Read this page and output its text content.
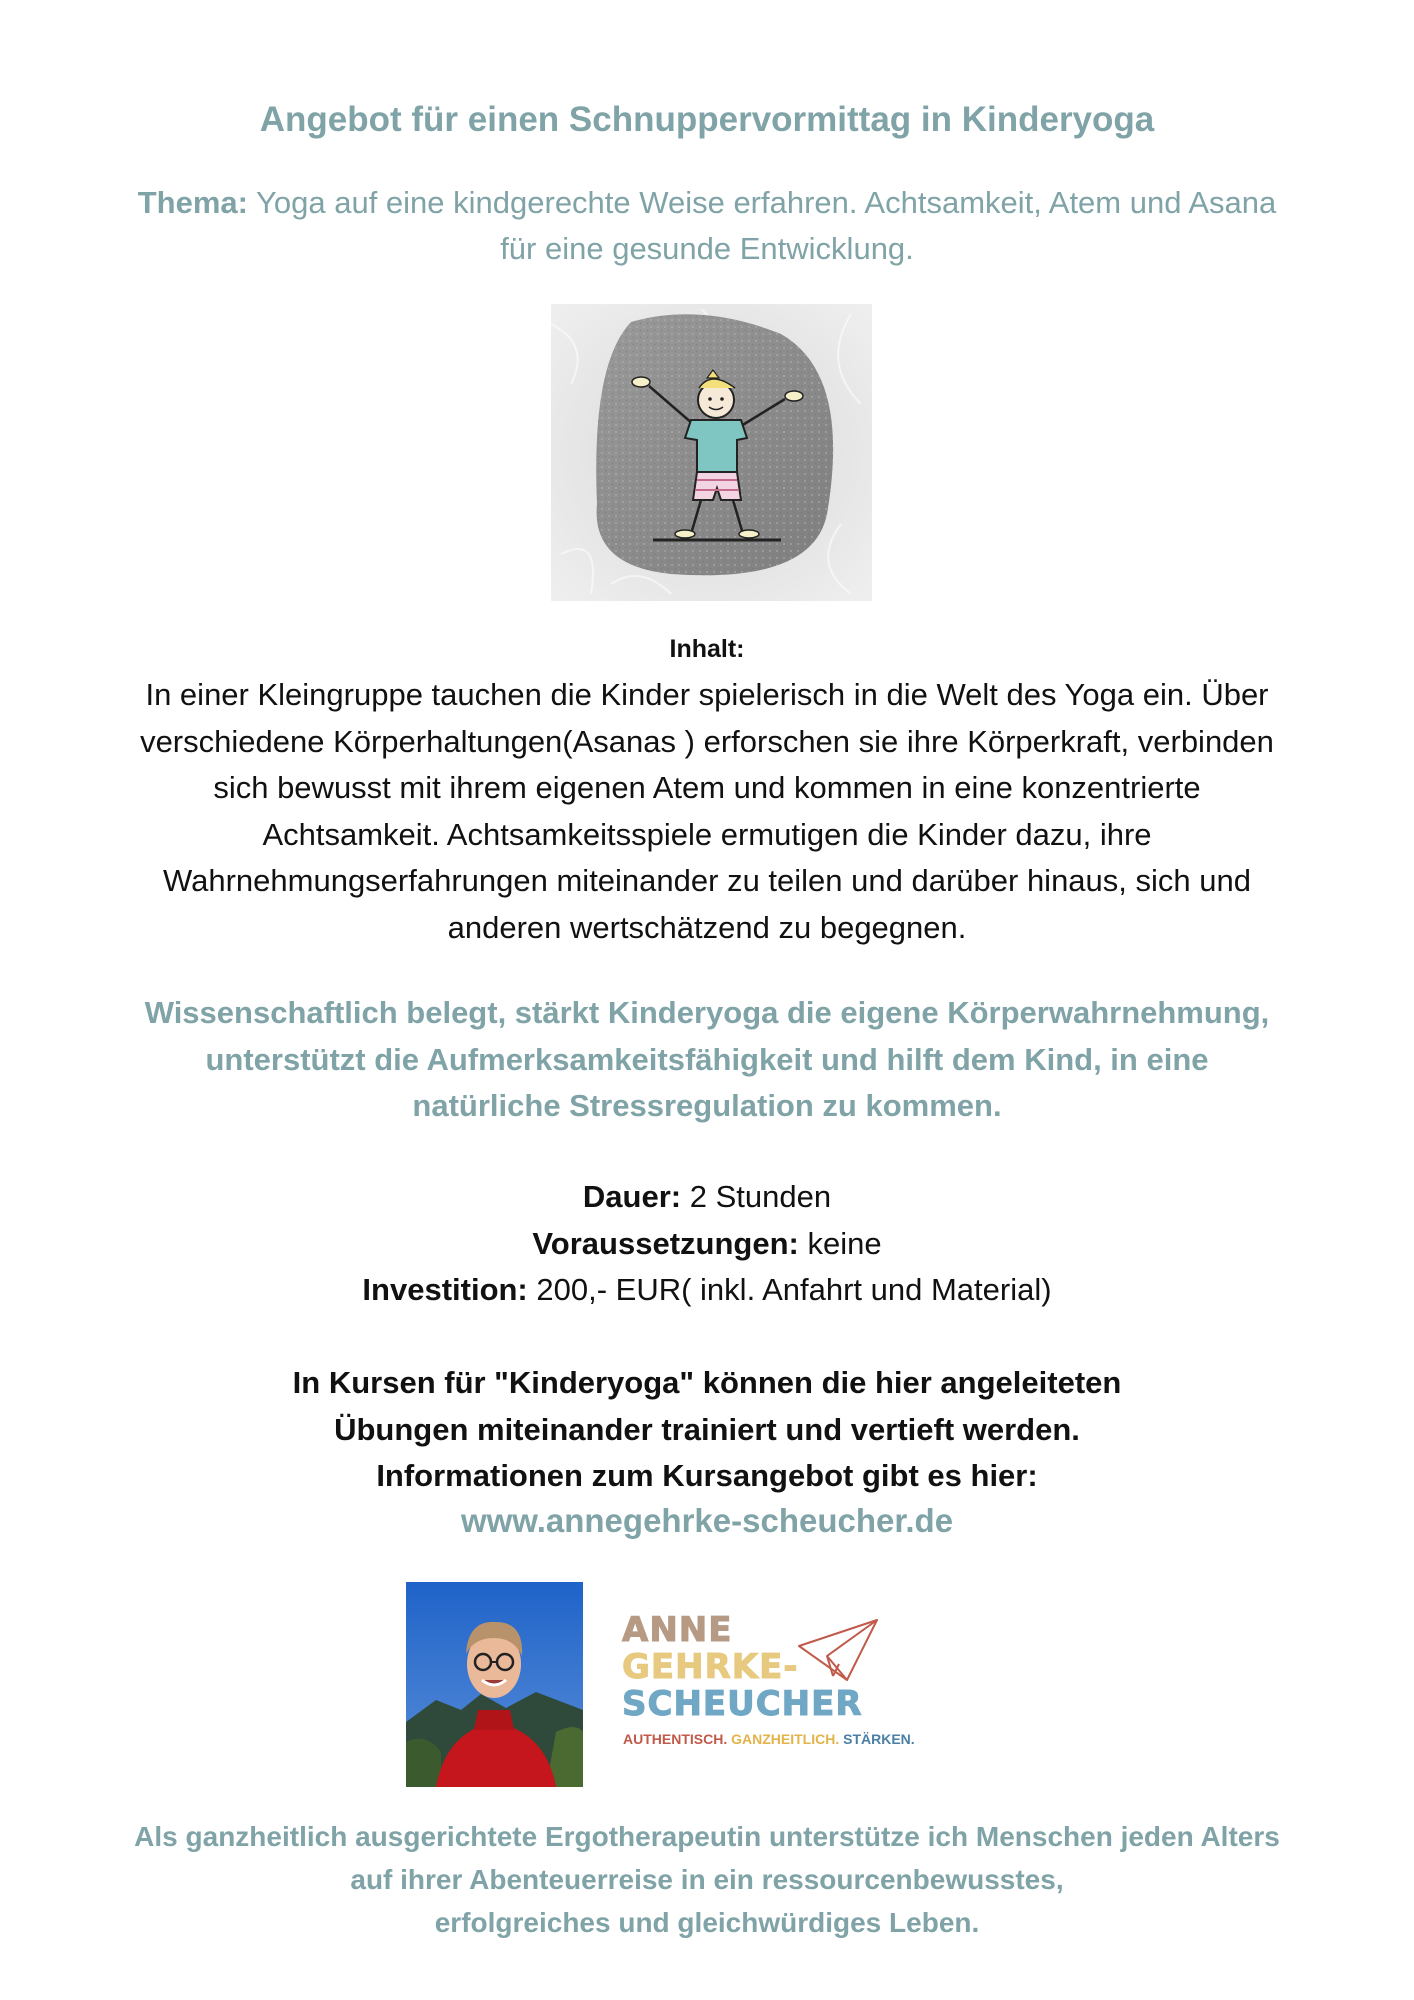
Angebot für einen Schnuppervormittag in Kinderyoga
Thema: Yoga auf eine kindgerechte Weise erfahren. Achtsamkeit, Atem und Asana
für eine gesunde Entwicklung.
Inhalt:
In einer Kleingruppe tauchen die Kinder spielerisch in die Welt des Yoga ein. Über
verschiedene Körperhaltungen(Asanas ) erforschen sie ihre Körperkraft, verbinden
sich bewusst mit ihrem eigenen Atem und kommen in eine konzentrierte
Achtsamkeit. Achtsamkeitsspiele ermutigen die Kinder dazu, ihre
Wahrnehmungserfahrungen miteinander zu teilen und darüber hinaus, sich und
anderen wertschätzend zu begegnen.
Wissenschaftlich belegt, stärkt Kinderyoga die eigene Körperwahrnehmung,
unterstützt die Aufmerksamkeitsfähigkeit und hilft dem Kind, in eine
natürliche Stressregulation zu kommen.
Dauer: 2 Stunden
Voraussetzungen: keine
Investition: 200,- EUR( inkl. Anfahrt und Material)
In Kursen für "Kinderyoga" können die hier angeleiteten
Übungen miteinander trainiert und vertieft werden.
Informationen zum Kursangebot gibt es hier:
www.annegehrke-scheucher.de
ANNE
GEHRKE-
SCHEUCHER
AUTHENTISCH. GANZHEITLICH. STÄRKEN.
Als ganzheitlich ausgerichtete Ergotherapeutin unterstütze ich Menschen jeden Alters
auf ihrer Abenteuerreise in ein ressourcenbewusstes,
erfolgreiches und gleichwürdiges Leben.
